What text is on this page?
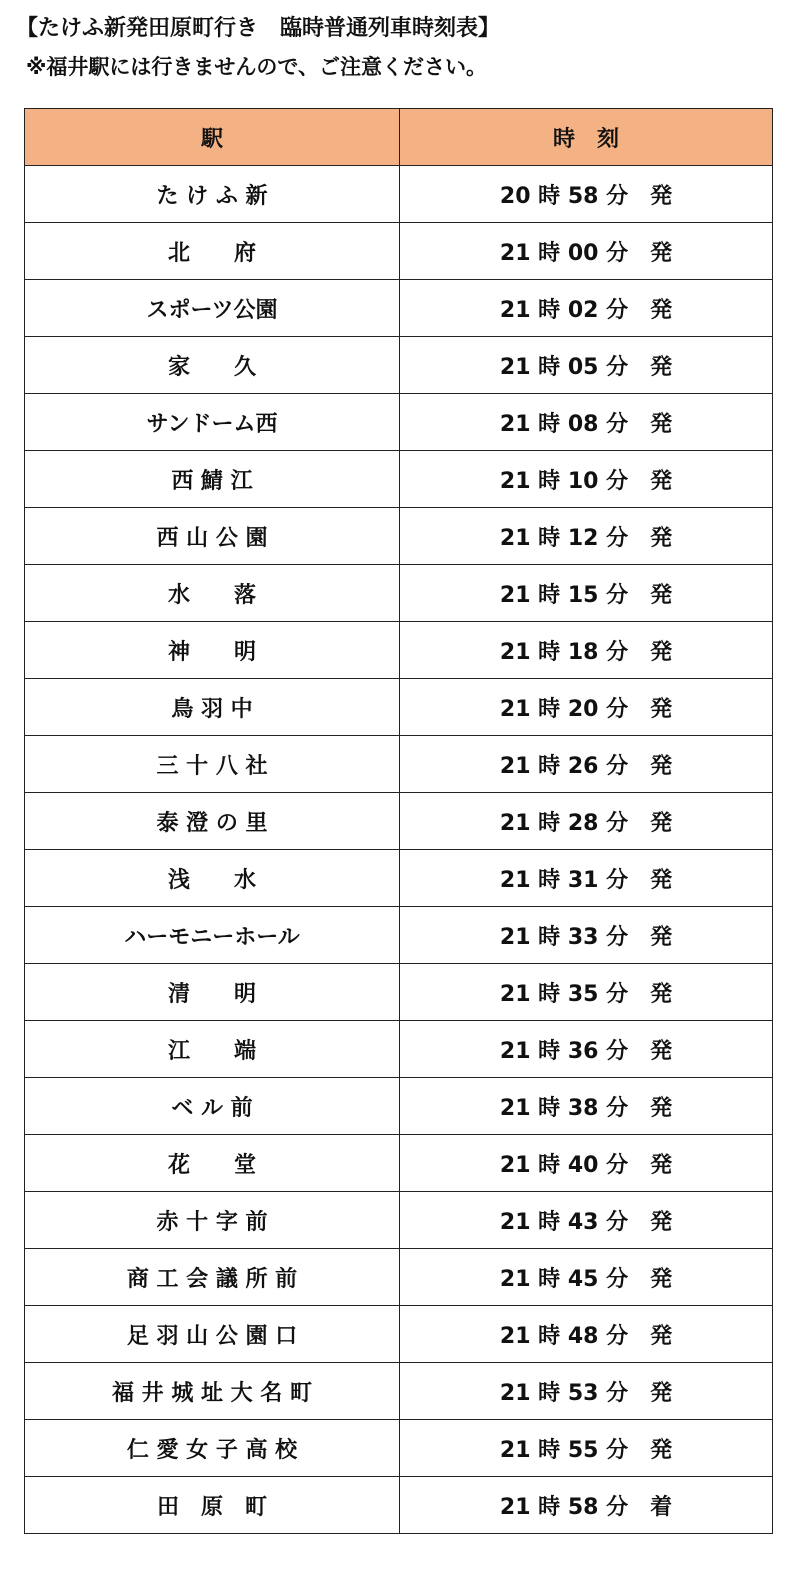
【たけふ新発田原町行き　臨時普通列車時刻表】
※福井駅には行きませんので、ご注意ください。
駅	時　刻
た け ふ 新	20 時 58 分　発
北　　府	21 時 00 分　発
スポーツ公園	21 時 02 分　発
家　　久	21 時 05 分　発
サンドーム西	21 時 08 分　発
西 鯖 江	21 時 10 分　発
西 山 公 園	21 時 12 分　発
水　　落	21 時 15 分　発
神　　明	21 時 18 分　発
鳥 羽 中	21 時 20 分　発
三 十 八 社	21 時 26 分　発
泰 澄 の 里	21 時 28 分　発
浅　　水	21 時 31 分　発
ハーモニーホール	21 時 33 分　発
清　　明	21 時 35 分　発
江　　端	21 時 36 分　発
ベ ル 前	21 時 38 分　発
花　　堂	21 時 40 分　発
赤 十 字 前	21 時 43 分　発
商 工 会 議 所 前	21 時 45 分　発
足 羽 山 公 園 口	21 時 48 分　発
福 井 城 址 大 名 町	21 時 53 分　発
仁 愛 女 子 高 校	21 時 55 分　発
田　原　町	21 時 58 分　着
